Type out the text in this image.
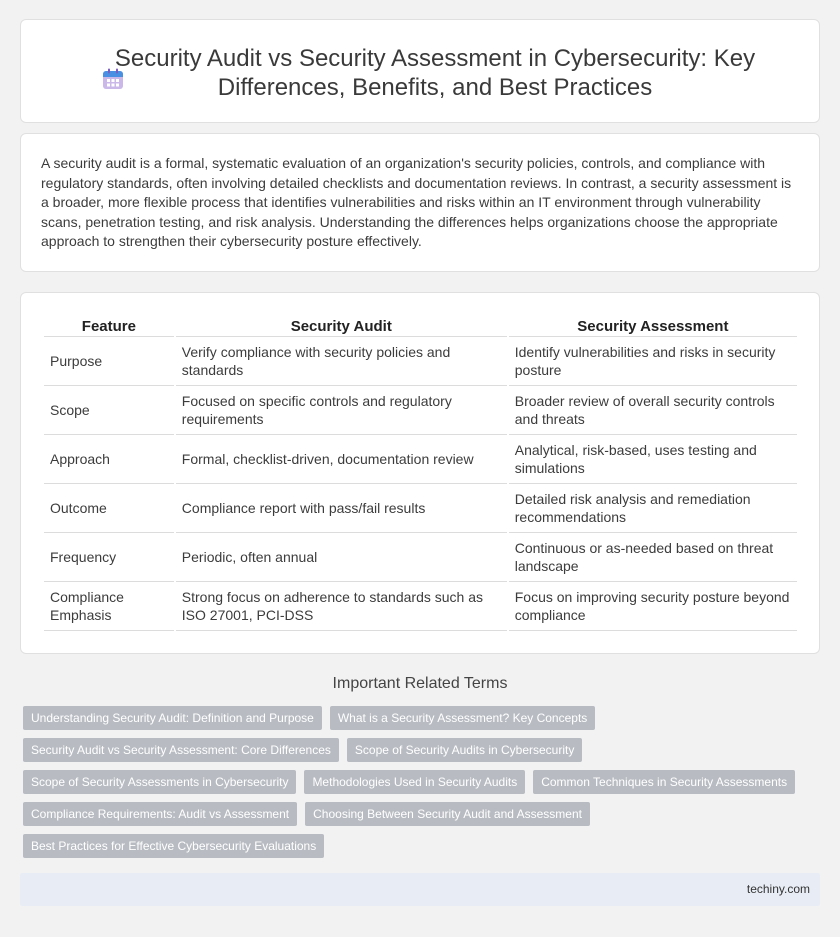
Security Audit vs Security Assessment in Cybersecurity: Key Differences, Benefits, and Best Practices

A security audit is a formal, systematic evaluation of an organization's security policies, controls, and compliance with regulatory standards, often involving detailed checklists and documentation reviews. In contrast, a security assessment is a broader, more flexible process that identifies vulnerabilities and risks within an IT environment through vulnerability scans, penetration testing, and risk analysis. Understanding the differences helps organizations choose the appropriate approach to strengthen their cybersecurity posture effectively.

Feature	Security Audit	Security Assessment
Purpose	Verify compliance with security policies and standards	Identify vulnerabilities and risks in security posture
Scope	Focused on specific controls and regulatory requirements	Broader review of overall security controls and threats
Approach	Formal, checklist-driven, documentation review	Analytical, risk-based, uses testing and simulations
Outcome	Compliance report with pass/fail results	Detailed risk analysis and remediation recommendations
Frequency	Periodic, often annual	Continuous or as-needed based on threat landscape
Compliance Emphasis	Strong focus on adherence to standards such as ISO 27001, PCI-DSS	Focus on improving security posture beyond compliance
Important Related Terms
Understanding Security Audit: Definition and Purpose	What is a Security Assessment? Key Concepts
Security Audit vs Security Assessment: Core Differences	Scope of Security Audits in Cybersecurity
Scope of Security Assessments in Cybersecurity	Methodologies Used in Security Audits	Common Techniques in Security Assessments
Compliance Requirements: Audit vs Assessment	Choosing Between Security Audit and Assessment
Best Practices for Effective Cybersecurity Evaluations
techiny.com
